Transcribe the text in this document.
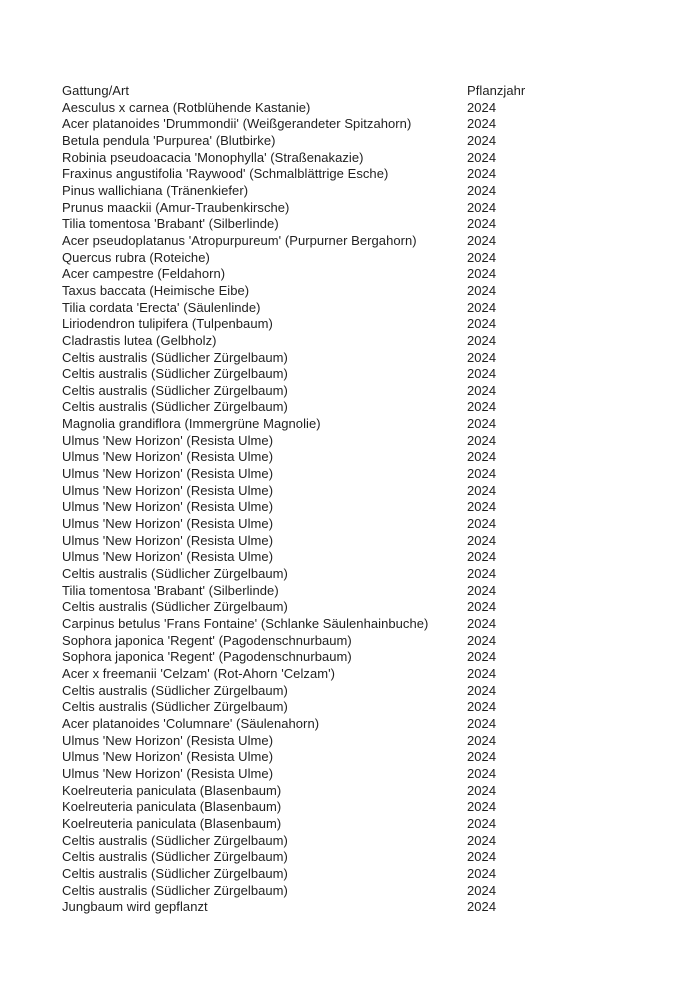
Gattung/Art	Pflanzjahr
Aesculus x carnea (Rotblühende Kastanie)	2024
Acer platanoides 'Drummondii' (Weißgerandeter Spitzahorn)	2024
Betula pendula 'Purpurea' (Blutbirke)	2024
Robinia pseudoacacia 'Monophylla' (Straßenakazie)	2024
Fraxinus angustifolia 'Raywood' (Schmalblättrige Esche)	2024
Pinus wallichiana (Tränenkiefer)	2024
Prunus maackii (Amur-Traubenkirsche)	2024
Tilia tomentosa 'Brabant' (Silberlinde)	2024
Acer pseudoplatanus 'Atropurpureum' (Purpurner Bergahorn)	2024
Quercus rubra (Roteiche)	2024
Acer campestre (Feldahorn)	2024
Taxus baccata (Heimische Eibe)	2024
Tilia cordata 'Erecta' (Säulenlinde)	2024
Liriodendron tulipifera (Tulpenbaum)	2024
Cladrastis lutea (Gelbholz)	2024
Celtis australis (Südlicher Zürgelbaum)	2024
Celtis australis (Südlicher Zürgelbaum)	2024
Celtis australis (Südlicher Zürgelbaum)	2024
Celtis australis (Südlicher Zürgelbaum)	2024
Magnolia grandiflora (Immergrüne Magnolie)	2024
Ulmus 'New Horizon' (Resista Ulme)	2024
Ulmus 'New Horizon' (Resista Ulme)	2024
Ulmus 'New Horizon' (Resista Ulme)	2024
Ulmus 'New Horizon' (Resista Ulme)	2024
Ulmus 'New Horizon' (Resista Ulme)	2024
Ulmus 'New Horizon' (Resista Ulme)	2024
Ulmus 'New Horizon' (Resista Ulme)	2024
Ulmus 'New Horizon' (Resista Ulme)	2024
Celtis australis (Südlicher Zürgelbaum)	2024
Tilia tomentosa 'Brabant' (Silberlinde)	2024
Celtis australis (Südlicher Zürgelbaum)	2024
Carpinus betulus 'Frans Fontaine' (Schlanke Säulenhainbuche)	2024
Sophora japonica 'Regent' (Pagodenschnurbaum)	2024
Sophora japonica 'Regent' (Pagodenschnurbaum)	2024
Acer x freemanii 'Celzam' (Rot-Ahorn 'Celzam')	2024
Celtis australis (Südlicher Zürgelbaum)	2024
Celtis australis (Südlicher Zürgelbaum)	2024
Acer platanoides 'Columnare' (Säulenahorn)	2024
Ulmus 'New Horizon' (Resista Ulme)	2024
Ulmus 'New Horizon' (Resista Ulme)	2024
Ulmus 'New Horizon' (Resista Ulme)	2024
Koelreuteria paniculata (Blasenbaum)	2024
Koelreuteria paniculata (Blasenbaum)	2024
Koelreuteria paniculata (Blasenbaum)	2024
Celtis australis (Südlicher Zürgelbaum)	2024
Celtis australis (Südlicher Zürgelbaum)	2024
Celtis australis (Südlicher Zürgelbaum)	2024
Celtis australis (Südlicher Zürgelbaum)	2024
Jungbaum wird gepflanzt	2024
